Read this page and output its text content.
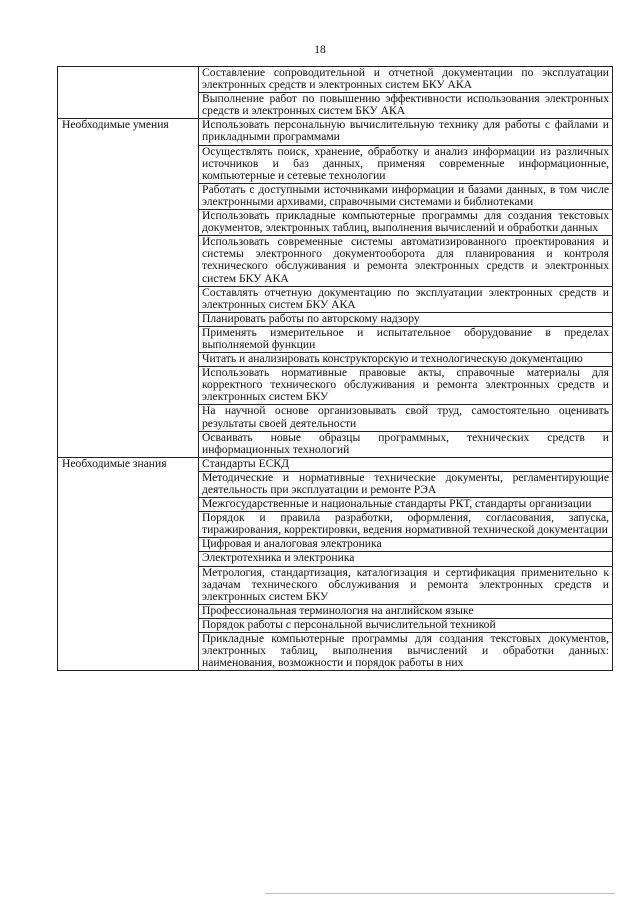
18
	Составление сопроводительной и отчетной документации по эксплуатации электронных средств и электронных систем БКУ АКА
	Выполнение работ по повышению эффективности использования электронных средств и электронных систем БКУ АКА
Необходимые умения	Использовать персональную вычислительную технику для работы с файлами и прикладными программами
	Осуществлять поиск, хранение, обработку и анализ информации из различных источников и баз данных, применяя современные информационные, компьютерные и сетевые технологии
	Работать с доступными источниками информации и базами данных, в том числе электронными архивами, справочными системами и библиотеками
	Использовать прикладные компьютерные программы для создания текстовых документов, электронных таблиц, выполнения вычислений и обработки данных
	Использовать современные системы автоматизированного проектирования и системы электронного документооборота для планирования и контроля технического обслуживания и ремонта электронных средств и электронных систем БКУ АКА
	Составлять отчетную документацию по эксплуатации электронных средств и электронных систем БКУ АКА
	Планировать работы по авторскому надзору
	Применять измерительное и испытательное оборудование в пределах выполняемой функции
	Читать и анализировать конструкторскую и технологическую документацию
	Использовать нормативные правовые акты, справочные материалы для корректного технического обслуживания и ремонта электронных средств и электронных систем БКУ
	На научной основе организовывать свой труд, самостоятельно оценивать результаты своей деятельности
	Осваивать новые образцы программных, технических средств и информационных технологий
Необходимые знания	Стандарты ЕСКД
	Методические и нормативные технические документы, регламентирующие деятельность при эксплуатации и ремонте РЭА
	Межгосударственные и национальные стандарты РКТ, стандарты организации
	Порядок и правила разработки, оформления, согласования, запуска, тиражирования, корректировки, ведения нормативной технической документации
	Цифровая и аналоговая электроника
	Электротехника и электроника
	Метрология, стандартизация, каталогизация и сертификация применительно к задачам технического обслуживания и ремонта электронных средств и электронных систем БКУ
	Профессиональная терминология на английском языке
	Порядок работы с персональной вычислительной техникой
	Прикладные компьютерные программы для создания текстовых документов, электронных таблиц, выполнения вычислений и обработки данных: наименования, возможности и порядок работы в них
